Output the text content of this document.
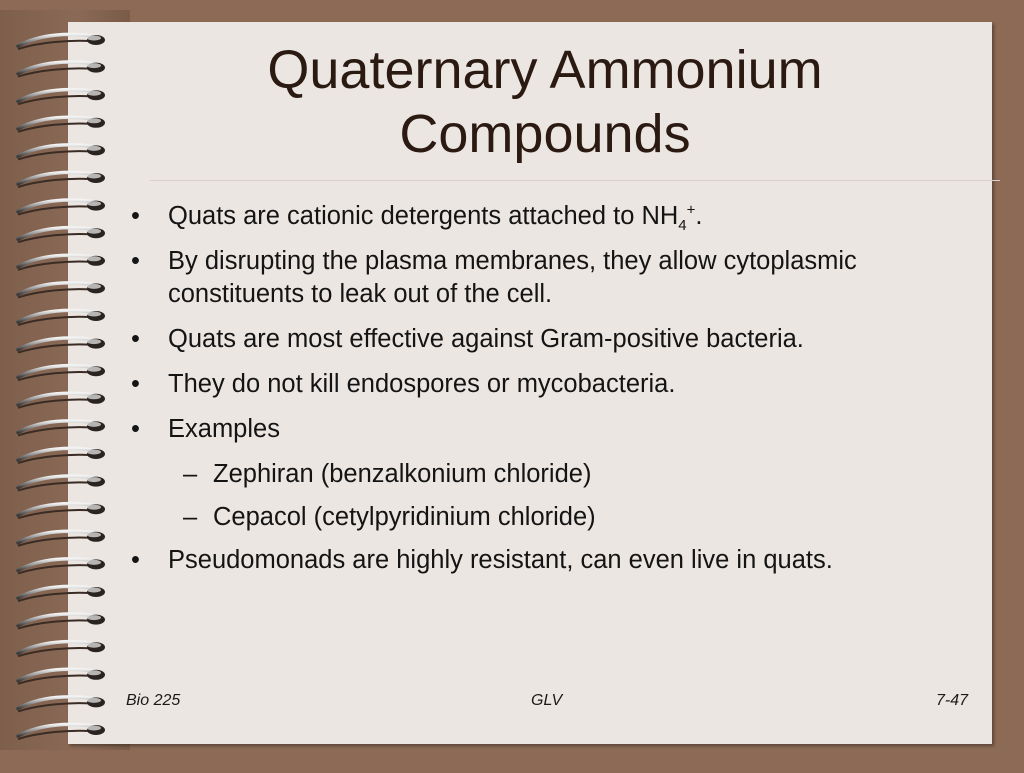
Quaternary Ammonium Compounds
• Quats are cationic detergents attached to $NH_4^+$.
• By disrupting the plasma membranes, they allow cytoplasmic constituents to leak out of the cell.
• Quats are most effective against Gram-positive bacteria.
• They do not kill endospores or mycobacteria.
• Examples
– Zephiran (benzalkonium chloride)
– Cepacol (cetylpyridinium chloride)
• Pseudomonads are highly resistant, can even live in quats.
Bio 225	GLV	7-47
